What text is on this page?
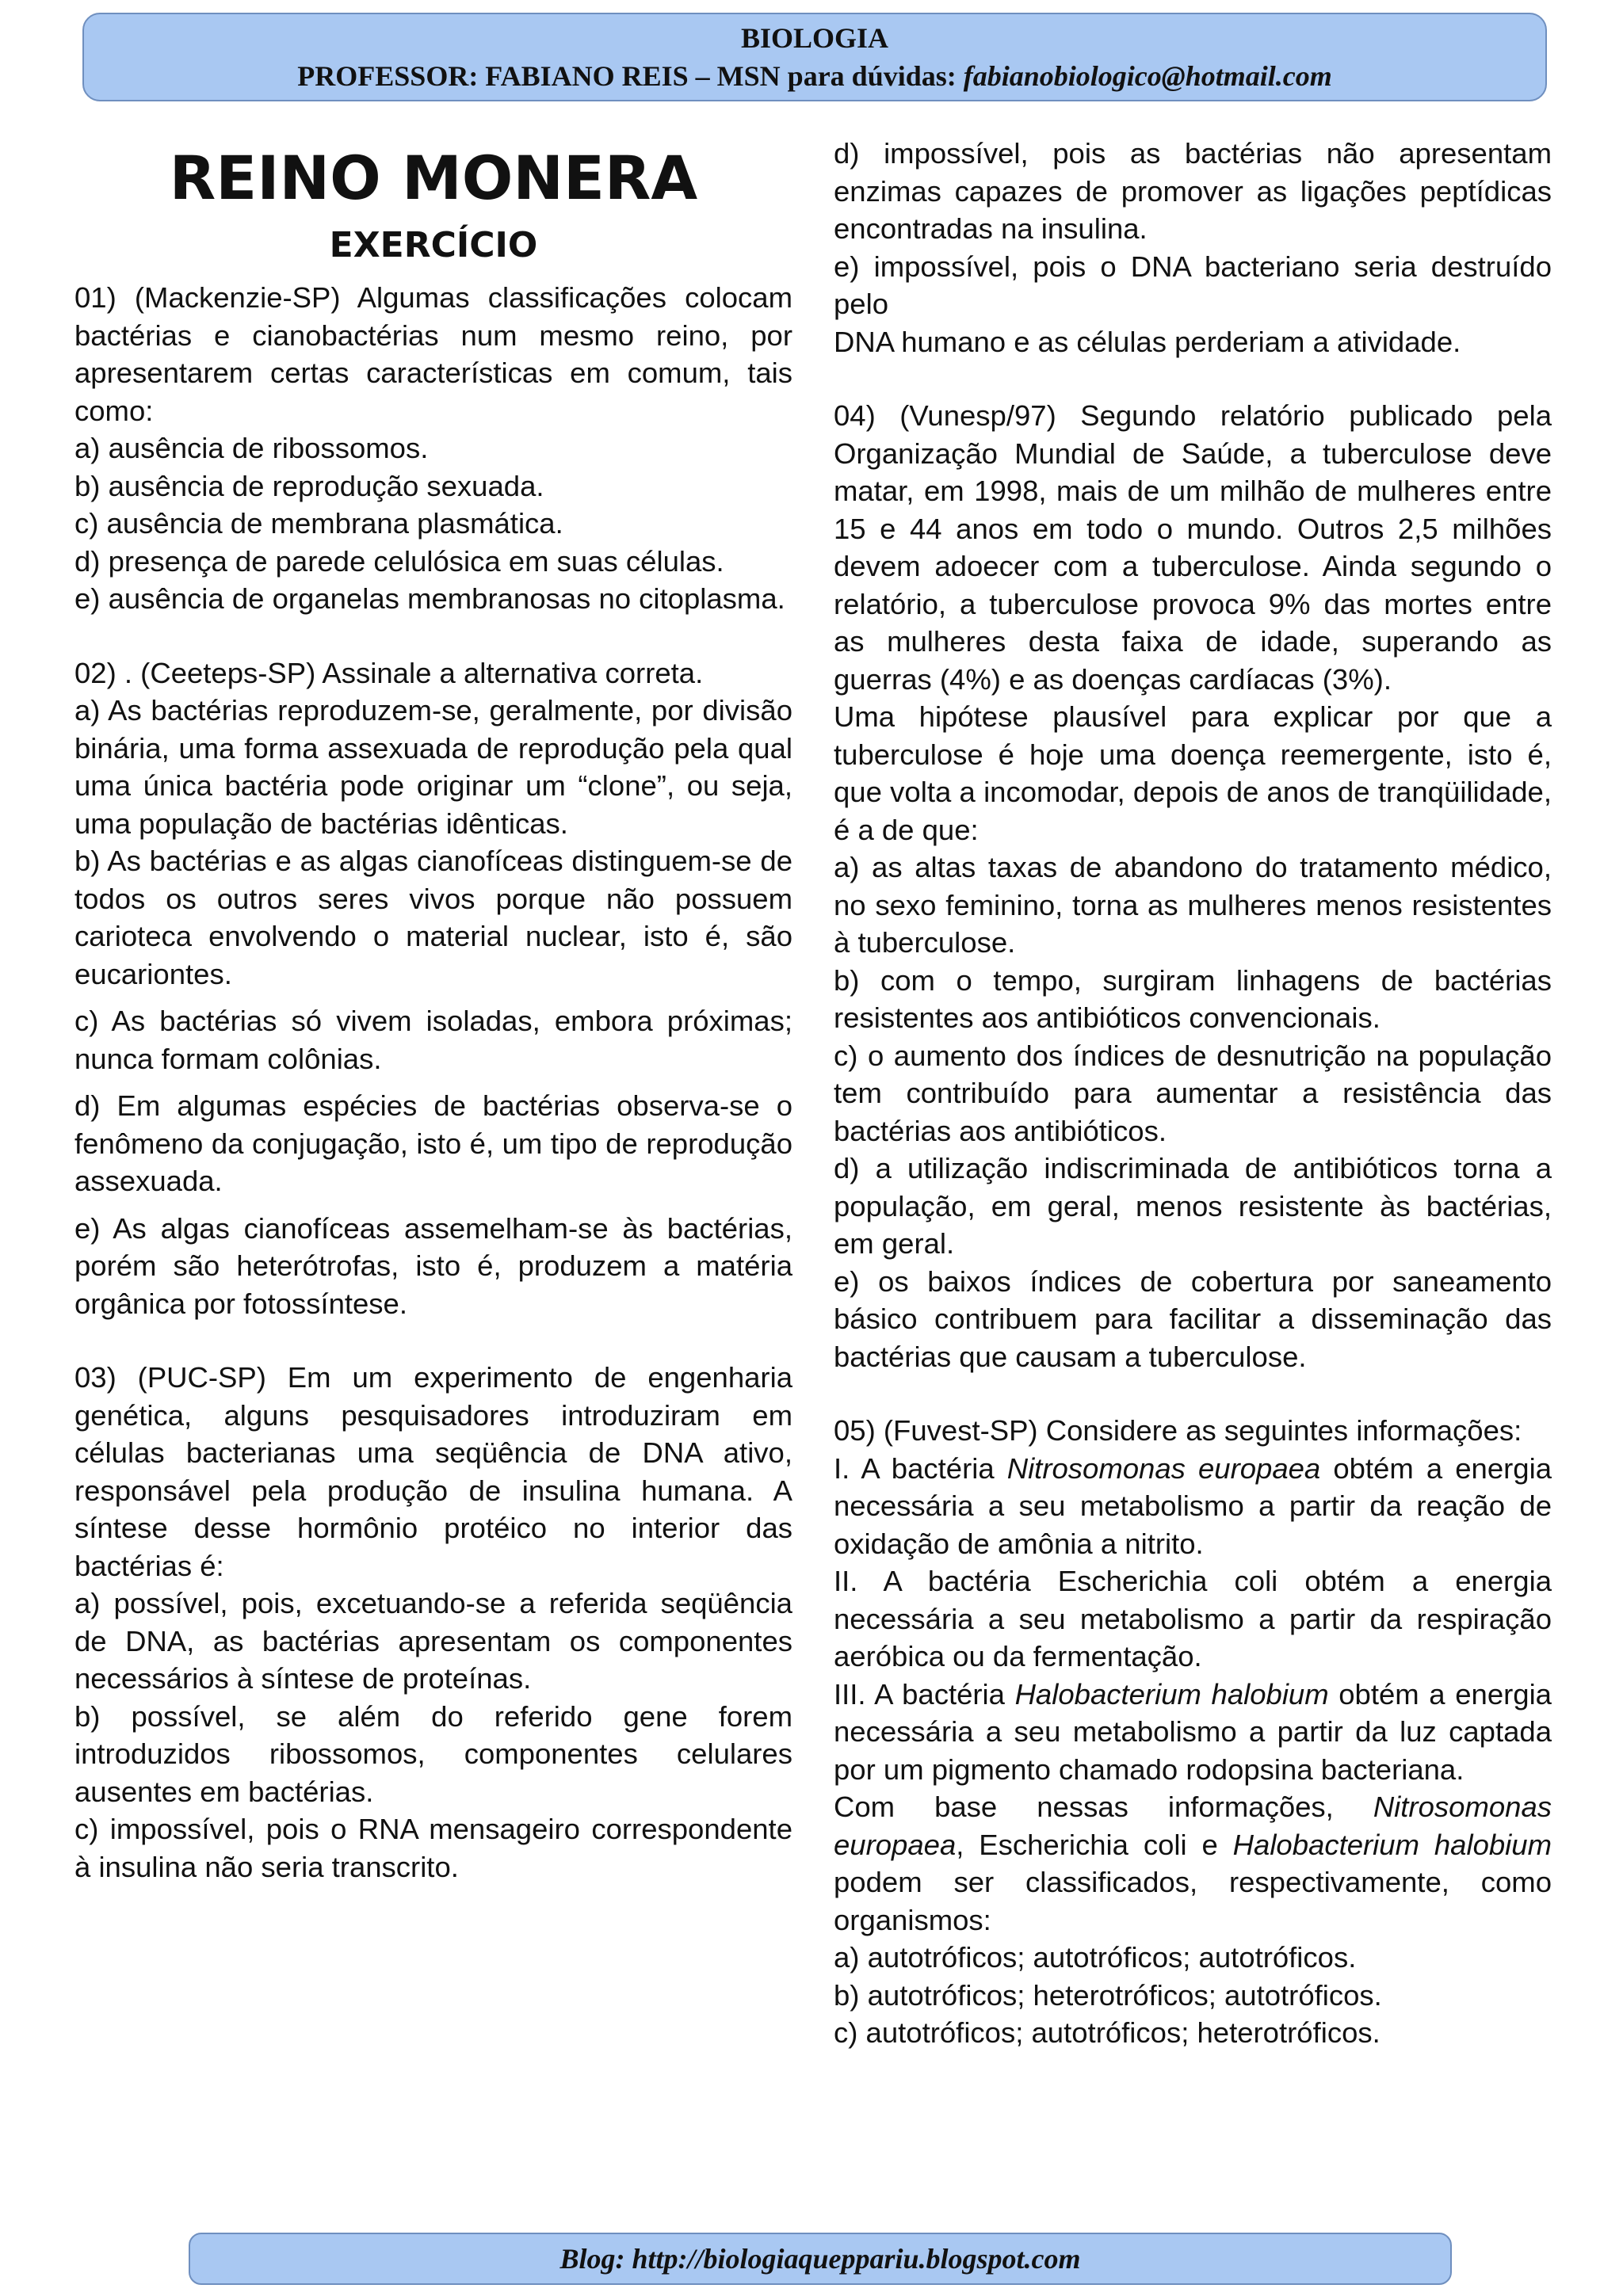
BIOLOGIA
PROFESSOR: FABIANO REIS – MSN para dúvidas: fabianobiologico@hotmail.com
REINO MONERA
EXERCÍCIO

01) (Mackenzie-SP) Algumas classificações colocam bactérias e cianobactérias num mesmo reino, por apresentarem certas características em comum, tais como:

a) ausência de ribossomos.

b) ausência de reprodução sexuada.

c) ausência de membrana plasmática.

d) presença de parede celulósica em suas células.

e) ausência de organelas membranosas no citoplasma.

02) . (Ceeteps-SP) Assinale a alternativa correta.

a) As bactérias reproduzem-se, geralmente, por divisão binária, uma forma assexuada de reprodução pela qual uma única bactéria pode originar um “clone”, ou seja, uma população de bactérias idênticas.

b) As bactérias e as algas cianofíceas distinguem-se de todos os outros seres vivos porque não possuem carioteca envolvendo o material nuclear, isto é, são eucariontes.

c) As bactérias só vivem isoladas, embora próximas; nunca formam colônias.

d) Em algumas espécies de bactérias observa-se o fenômeno da conjugação, isto é, um tipo de reprodução assexuada.

e) As algas cianofíceas assemelham-se às bactérias, porém são heterótrofas, isto é, produzem a matéria orgânica por fotossíntese.

03) (PUC-SP) Em um experimento de engenharia genética, alguns pesquisadores introduziram em células bacterianas uma seqüência de DNA ativo, responsável pela produção de insulina humana. A síntese desse hormônio protéico no interior das bactérias é:

a) possível, pois, excetuando-se a referida seqüência de DNA, as bactérias apresentam os componentes necessários à síntese de proteínas.

b) possível, se além do referido gene forem introduzidos ribossomos, componentes celulares ausentes em bactérias.

c) impossível, pois o RNA mensageiro correspondente à insulina não seria transcrito.

d) impossível, pois as bactérias não apresentam enzimas capazes de promover as ligações peptídicas encontradas na insulina.

e) impossível, pois o DNA bacteriano seria destruído pelo

DNA humano e as células perderiam a atividade.

04) (Vunesp/97) Segundo relatório publicado pela Organização Mundial de Saúde, a tuberculose deve matar, em 1998, mais de um milhão de mulheres entre 15 e 44 anos em todo o mundo. Outros 2,5 milhões devem adoecer com a tuberculose. Ainda segundo o relatório, a tuberculose provoca 9% das mortes entre as mulheres desta faixa de idade, superando as guerras (4%) e as doenças cardíacas (3%).

Uma hipótese plausível para explicar por que a tuberculose é hoje uma doença reemergente, isto é, que volta a incomodar, depois de anos de tranqüilidade, é a de que:

a) as altas taxas de abandono do tratamento médico, no sexo feminino, torna as mulheres menos resistentes à tuberculose.

b) com o tempo, surgiram linhagens de bactérias resistentes aos antibióticos convencionais.

c) o aumento dos índices de desnutrição na população tem contribuído para aumentar a resistência das bactérias aos antibióticos.

d) a utilização indiscriminada de antibióticos torna a população, em geral, menos resistente às bactérias, em geral.

e) os baixos índices de cobertura por saneamento básico contribuem para facilitar a disseminação das bactérias que causam a tuberculose.

05) (Fuvest-SP) Considere as seguintes informações:

I. A bactéria Nitrosomonas europaea obtém a energia necessária a seu metabolismo a partir da reação de oxidação de amônia a nitrito.

II. A bactéria Escherichia coli obtém a energia necessária a seu metabolismo a partir da respiração aeróbica ou da fermentação.

III. A bactéria Halobacterium halobium obtém a energia necessária a seu metabolismo a partir da luz captada por um pigmento chamado rodopsina bacteriana.

Com base nessas informações, Nitrosomonas europaea, Escherichia coli e Halobacterium halobium podem ser classificados, respectivamente, como organismos:

a) autotróficos; autotróficos; autotróficos.

b) autotróficos; heterotróficos; autotróficos.

c) autotróficos; autotróficos; heterotróficos.

Blog: http://biologiaqueppariu.blogspot.com
